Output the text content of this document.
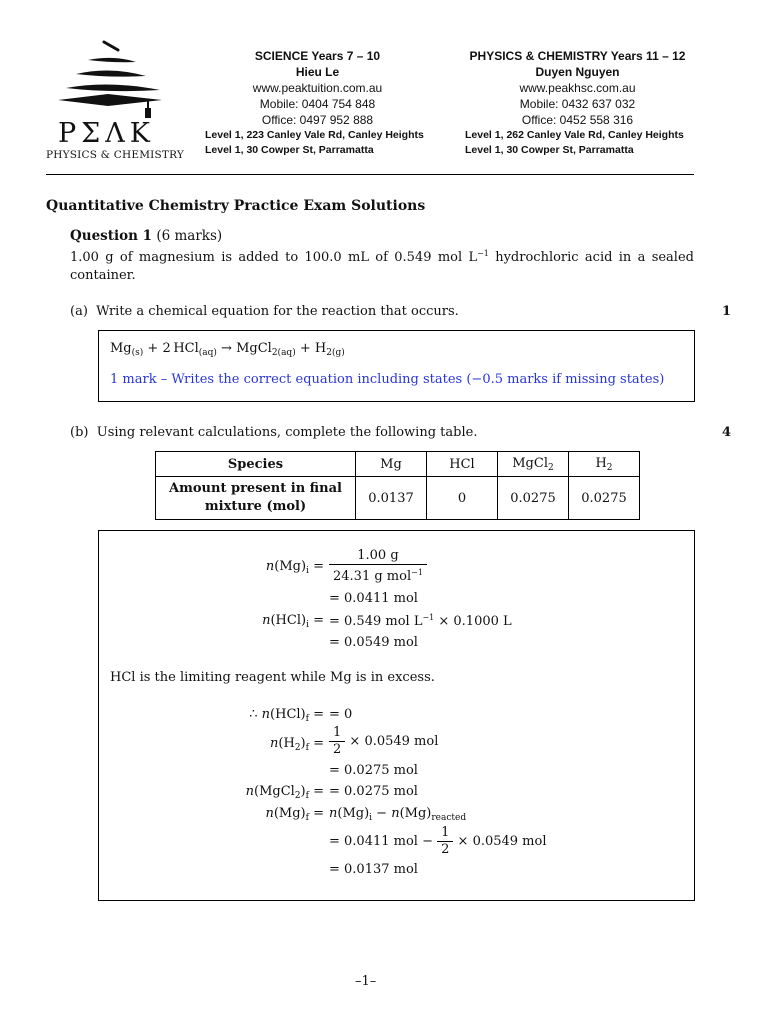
PΣΛK
PHYSICS & CHEMISTRY
SCIENCE Years 7 – 10
Hieu Le
www.peaktuition.com.au
Mobile: 0404 754 848
Office: 0497 952 888
Level 1, 223 Canley Vale Rd, Canley Heights
Level 1, 30 Cowper St, Parramatta
PHYSICS & CHEMISTRY Years 11 – 12
Duyen Nguyen
www.peakhsc.com.au
Mobile: 0432 637 032
Office: 0452 558 316
Level 1, 262 Canley Vale Rd, Canley Heights
Level 1, 30 Cowper St, Parramatta
Quantitative Chemistry Practice Exam Solutions
Question 1 (6 marks)
1.00 g of magnesium is added to 100.0 mL of 0.549 mol $L^{-1}$ hydrochloric acid in a sealed container.
(a) Write a chemical equation for the reaction that occurs.	1
$Mg_{(s)} + 2$ HCl$_{(aq)}$ → MgCl$_{2(aq)}$ + $H_{2(g)}$
1 mark – Writes the correct equation including states (−0.5 marks if missing states)
(b) Using relevant calculations, complete the following table.	4
Species	Mg	HCl	MgCl$_2$	$H_2$
Amount present in final
mixture (mol)	0.0137	0	0.0275	0.0275
$n(Mg)_i = \frac{1.00 g}{24.31 g mol^{-1}}$
= 0.0411 mol
$n(HCl)_i$ = = 0.549 mol $L^{-1} \times 0.1000$ L
= 0.0549 mol
HCl is the limiting reagent while Mg is in excess.
∴ $n(HCl)_f$ = = 0
$n(H_2)_f = \frac{1}{2} \times 0.0549$ mol
= 0.0275 mol
$n(MgCl_2)_f$ = = 0.0275 mol
$n(Mg)_f = n(Mg)_i - n(Mg)_{reacted}$
= 0.0411 mol − $\frac{1}{2} \times 0.0549$ mol
= 0.0137 mol
–1–
